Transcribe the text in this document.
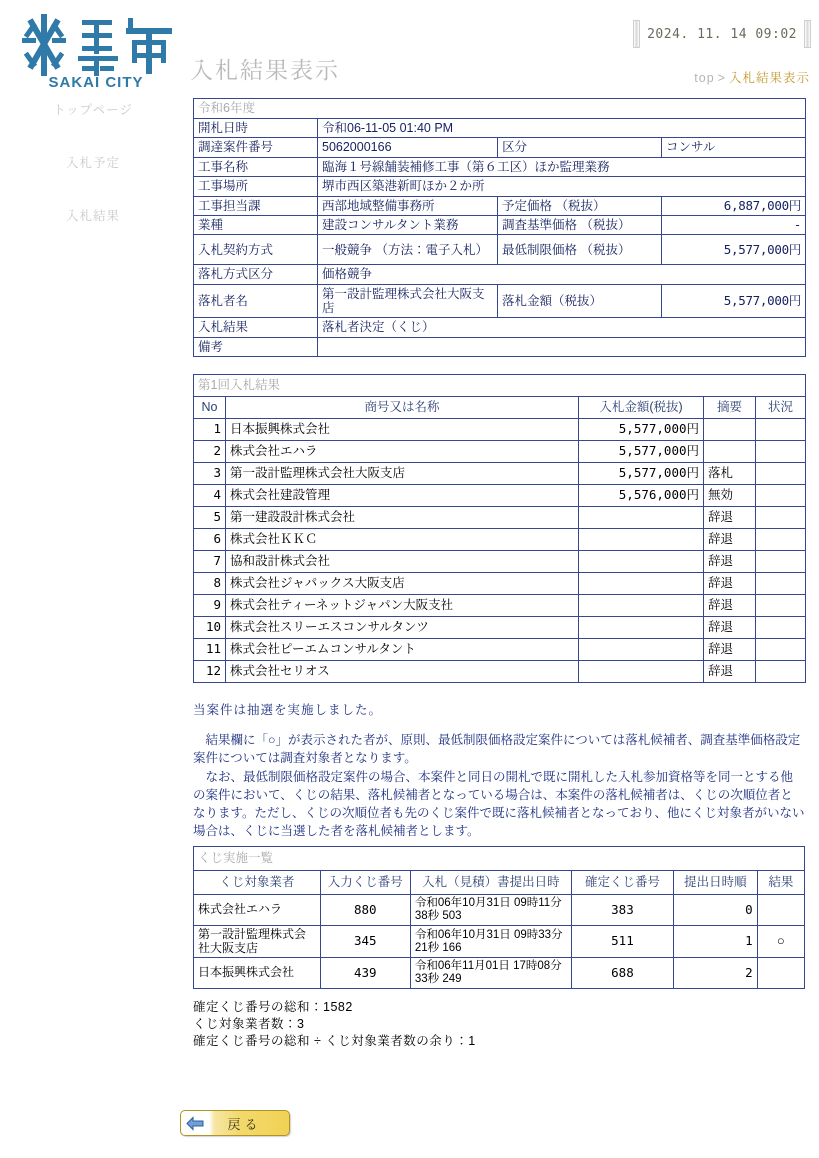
SAKAI CITY 入札結果表示
2024. 11. 14 09:02
top > 入札結果表示
トップページ
入札予定
入札結果
令和6年度			
開札日時	令和06-11-05 01:40 PM		
調達案件番号	5062000166	区分	コンサル
工事名称	臨海１号線舗装補修工事（第６工区）ほか監理業務		
工事場所	堺市西区築港新町ほか２か所		
工事担当課	西部地域整備事務所	予定価格 （税抜）	6,887,000円
業種	建設コンサルタント業務	調査基準価格 （税抜）	-
入札契約方式	一般競争 （方法：電子入札）	最低制限価格 （税抜）	5,577,000円
落札方式区分	価格競争		
落札者名	第一設計監理株式会社大阪支店	落札金額（税抜）	5,577,000円
入札結果	落札者決定（くじ）		
備考			
第1回入札結果				
No	商号又は名称	入札金額(税抜)	摘要	状況
1	日本振興株式会社	5,577,000円		
2	株式会社エハラ	5,577,000円		
3	第一設計監理株式会社大阪支店	5,577,000円	落札	
4	株式会社建設管理	5,576,000円	無効	
5	第一建設設計株式会社		辞退	
6	株式会社ＫＫＣ		辞退	
7	協和設計株式会社		辞退	
8	株式会社ジャパックス大阪支店		辞退	
9	株式会社ティーネットジャパン大阪支社		辞退	
10	株式会社スリーエスコンサルタンツ		辞退	
11	株式会社ピーエムコンサルタント		辞退	
12	株式会社セリオス		辞退	
当案件は抽選を実施しました。
結果欄に「○」が表示された者が、原則、最低制限価格設定案件については落札候補者、調査基準価格設定案件については調査対象者となります。
なお、最低制限価格設定案件の場合、本案件と同日の開札で既に開札した入札参加資格等を同一とする他の案件において、くじの結果、落札候補者となっている場合は、本案件の落札候補者は、くじの次順位者となります。ただし、くじの次順位者も先のくじ案件で既に落札候補者となっており、他にくじ対象者がいない場合は、くじに当選した者を落札候補者とします。
くじ実施一覧					
くじ対象業者	入力くじ番号	入札（見積）書提出日時	確定くじ番号	提出日時順	結果
株式会社エハラ	880	令和06年10月31日 09時11分38秒 503	383	0	
第一設計監理株式会社大阪支店	345	令和06年10月31日 09時33分21秒 166	511	1	○
日本振興株式会社	439	令和06年11月01日 17時08分33秒 249	688	2	
確定くじ番号の総和：1582
くじ対象業者数：3
確定くじ番号の総和 ÷ くじ対象業者数の余り：1
戻る
